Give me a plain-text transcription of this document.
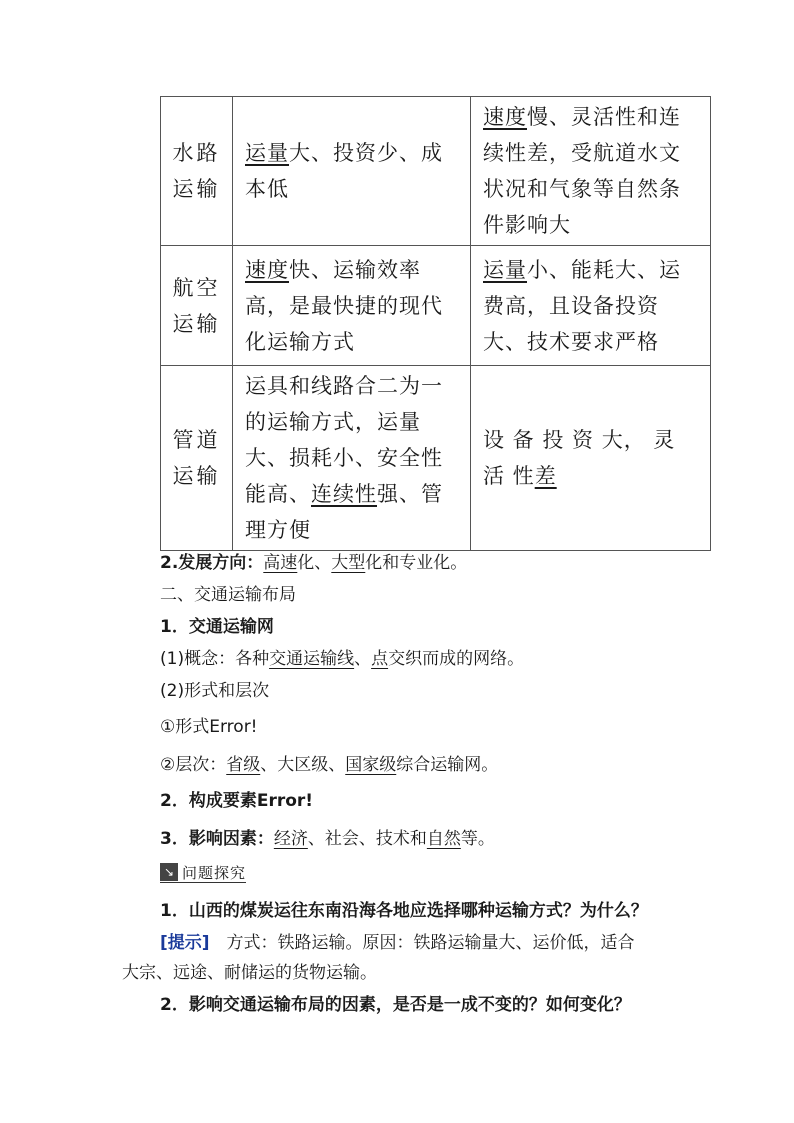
水路运输	运量大、投资少、成本低	速度慢、灵活性和连续性差，受航道水文状况和气象等自然条件影响大
航空运输	速度快、运输效率高，是最快捷的现代化运输方式	运量小、能耗大、运费高，且设备投资大、技术要求严格
管道运输	运具和线路合二为一的运输方式，运量大、损耗小、安全性能高、连续性强、管理方便	设 备 投 资 大， 灵 活 性差
↘ 问题探究
2.发展方向：高速化、大型化和专业化。
二、交通运输布局
1．交通运输网
(1)概念：各种交通运输线、点交织而成的网络。
(2)形式和层次
①形式Error!
②层次：省级、大区级、国家级综合运输网。
2．构成要素Error!
3．影响因素：经济、社会、技术和自然等。
1．山西的煤炭运往东南沿海各地应选择哪种运输方式？为什么？
[提示]　方式：铁路运输。原因：铁路运输量大、运价低，适合
大宗、远途、耐储运的货物运输。
2．影响交通运输布局的因素，是否是一成不变的？如何变化？
